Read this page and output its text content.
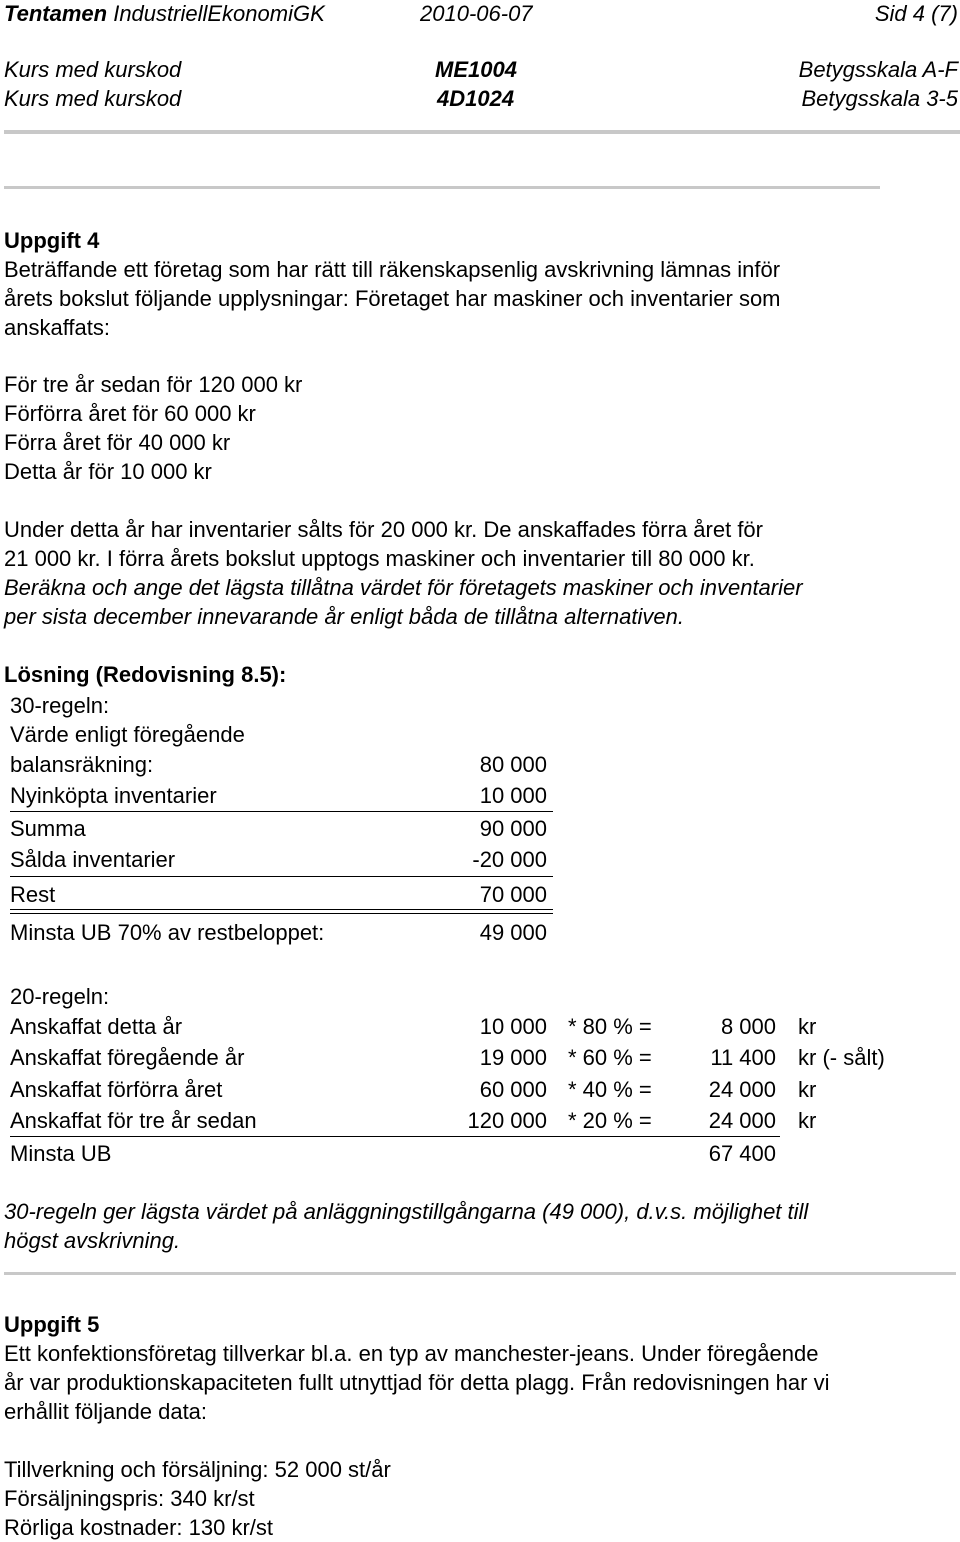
Tentamen IndustriellEkonomiGK	2010-06-07	Sid 4 (7)
Kurs med kurskod	ME1004	Betygsskala A-F
Kurs med kurskod	4D1024	Betygsskala 3-5
Uppgift 4
Beträffande ett företag som har rätt till räkenskapsenlig avskrivning lämnas inför
årets bokslut följande upplysningar: Företaget har maskiner och inventarier som
anskaffats:
För tre år sedan för 120 000 kr
Förförra året för 60 000 kr
Förra året för 40 000 kr
Detta år för 10 000 kr
Under detta år har inventarier sålts för 20 000 kr. De anskaffades förra året för
21 000 kr. I förra årets bokslut upptogs maskiner och inventarier till 80 000 kr.
Beräkna och ange det lägsta tillåtna värdet för företagets maskiner och inventarier
per sista december innevarande år enligt båda de tillåtna alternativen.
Lösning (Redovisning 8.5):
30-regeln:
Värde enligt föregående
balansräkning:	80 000
Nyinköpta inventarier	10 000
Summa	90 000
Sålda inventarier	-20 000
Rest	70 000
Minsta UB 70% av restbeloppet:	49 000
20-regeln:
Anskaffat detta år	10 000 * 80 % =	8 000 kr
Anskaffat föregående år	19 000 * 60 % =	11 400 kr (- sålt)
Anskaffat förförra året	60 000 * 40 % =	24 000 kr
Anskaffat för tre år sedan	120 000 * 20 % =	24 000 kr
Minsta UB	67 400
30-regeln ger lägsta värdet på anläggningstillgångarna (49 000), d.v.s. möjlighet till
högst avskrivning.
Uppgift 5
Ett konfektionsföretag tillverkar bl.a. en typ av manchester-jeans. Under föregående
år var produktionskapaciteten fullt utnyttjad för detta plagg. Från redovisningen har vi
erhållit följande data:
Tillverkning och försäljning: 52 000 st/år
Försäljningspris: 340 kr/st
Rörliga kostnader: 130 kr/st
